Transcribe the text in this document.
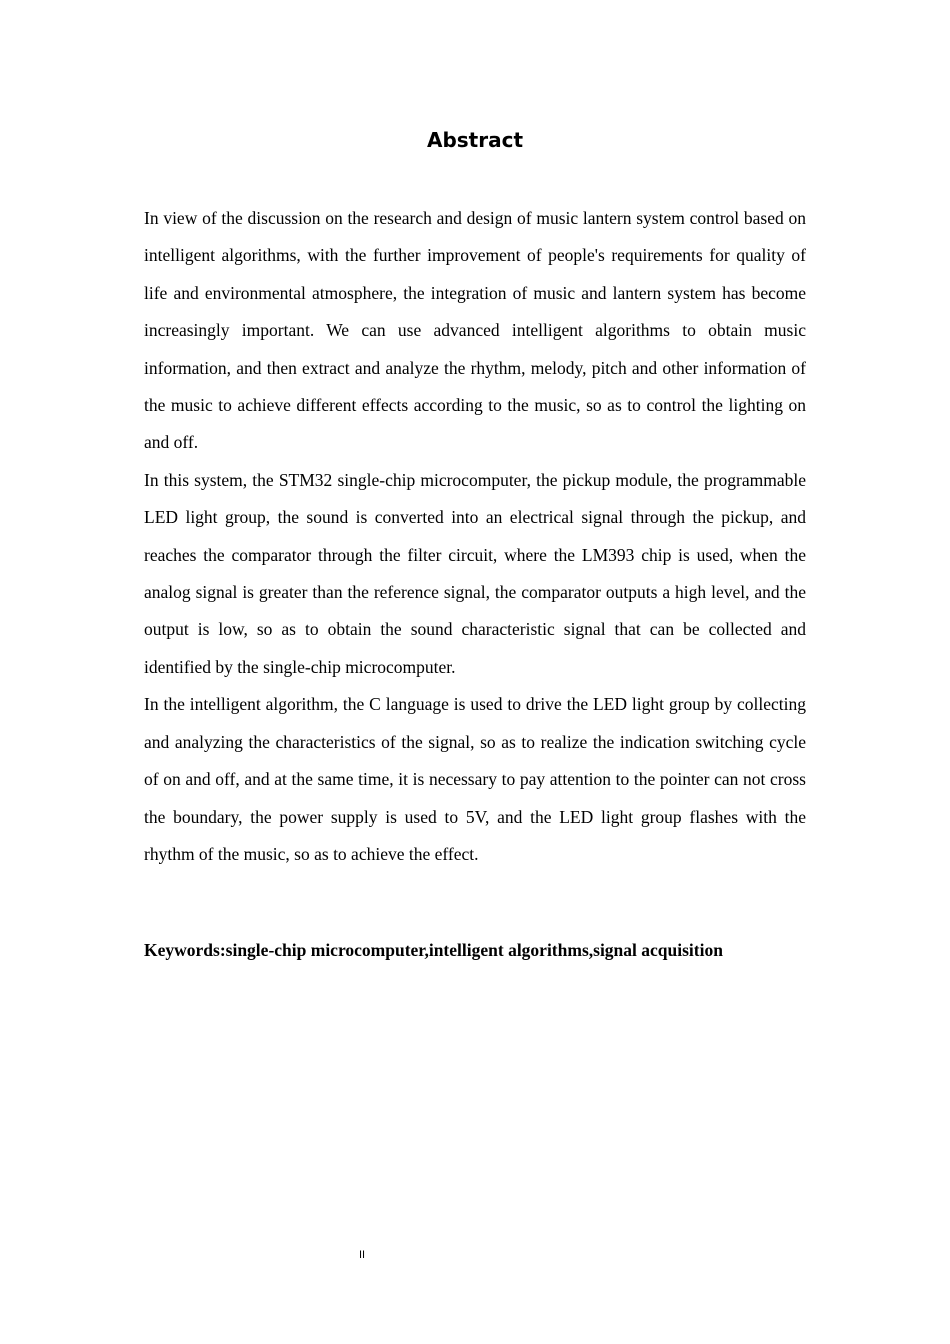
Abstract

In view of the discussion on the research and design of music lantern system control based on intelligent algorithms, with the further improvement of people's requirements for quality of life and environmental atmosphere, the integration of music and lantern system has become increasingly important. We can use advanced intelligent algorithms to obtain music information, and then extract and analyze the rhythm, melody, pitch and other information of the music to achieve different effects according to the music, so as to control the lighting on and off.

In this system, the STM32 single-chip microcomputer, the pickup module, the programmable LED light group, the sound is converted into an electrical signal through the pickup, and reaches the comparator through the filter circuit, where the LM393 chip is used, when the analog signal is greater than the reference signal, the comparator outputs a high level, and the output is low, so as to obtain the sound characteristic signal that can be collected and identified by the single-chip microcomputer.

In the intelligent algorithm, the C language is used to drive the LED light group by collecting and analyzing the characteristics of the signal, so as to realize the indication switching cycle of on and off, and at the same time, it is necessary to pay attention to the pointer can not cross the boundary, the power supply is used to 5V, and the LED light group flashes with the rhythm of the music, so as to achieve the effect.

Keywords:single-chip microcomputer,intelligent algorithms,signal acquisition

II
